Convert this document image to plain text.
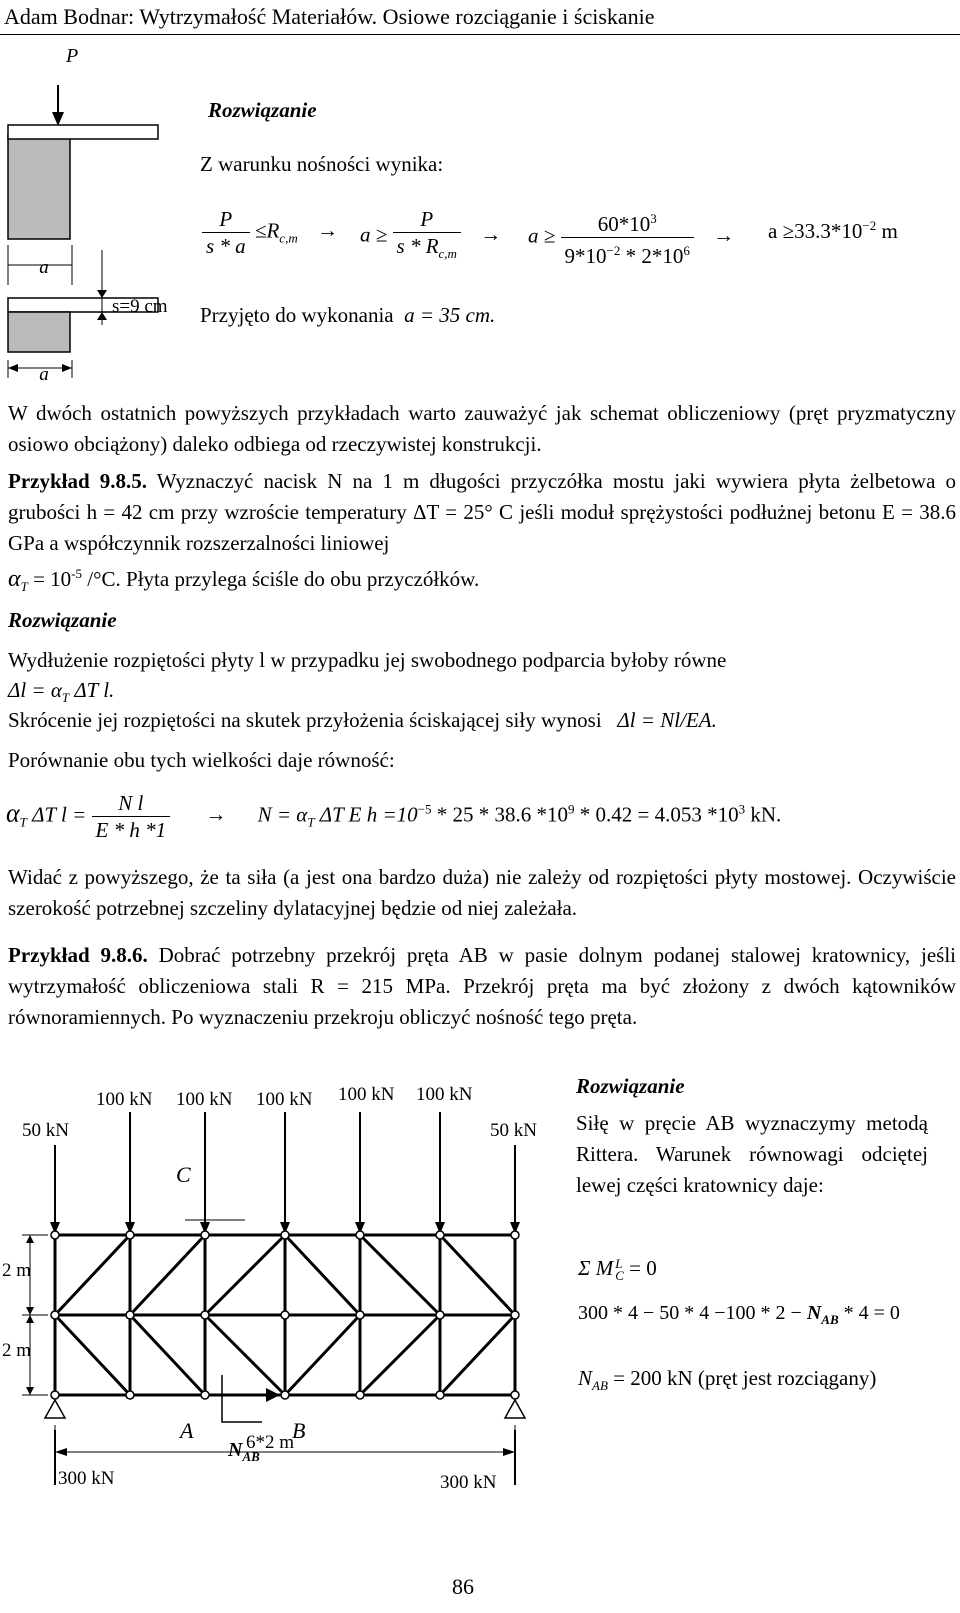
Adam Bodnar: Wytrzymałość Materiałów. Osiowe rozciąganie i ściskanie
P
a
s=9 cm
a
Rozwiązanie
Z warunku nośności wynika:
$\frac{P}{s * a} \le R_{c,m} \to a \ge \frac{P}{s * R_{c,m}} \to a \ge \frac{60*10^3}{9*10^{-2} * 2*10^6} \to a \ge 33.3*10^{-2}$ m
Przyjęto do wykonania a = 35 cm.
W dwóch ostatnich powyższych przykładach warto zauważyć jak schemat obliczeniowy (pręt pryzmatyczny osiowo obciążony) daleko odbiega od rzeczywistej konstrukcji.
Przykład 9.8.5. Wyznaczyć nacisk N na 1 m długości przyczółka mostu jaki wywiera płyta żelbetowa o grubości h = 42 cm przy wzroście temperatury ΔT = 25° C jeśli moduł sprężystości podłużnej betonu E = 38.6 GPa a współczynnik rozszerzalności liniowej
$\alpha_T = 10^{-5}$ /°C. Płyta przylega ściśle do obu przyczółków.
Rozwiązanie
Wydłużenie rozpiętości płyty l w przypadku jej swobodnego podparcia byłoby równe
$\Delta l = \alpha_T$ ΔT l.
Skrócenie jej rozpiętości na skutek przyłożenia ściskającej siły wynosi Δl = Nl/EA.
Porównanie obu tych wielkości daje równość:
$\alpha_T$ ΔT $l = \frac{\text{N l}}{E * h *1} \to N = \alpha_T$ ΔT E $h =10^{-5} * 25 * 38.6$ $*10^9 * 0.42 = 4.053$ $*10^3$ kN.
Widać z powyższego, że ta siła (a jest ona bardzo duża) nie zależy od rozpiętości płyty mostowej. Oczywiście szerokość potrzebnej szczeliny dylatacyjnej będzie od niej zależała.
Przykład 9.8.6. Dobrać potrzebny przekrój pręta AB w pasie dolnym podanej stalowej kratownicy, jeśli wytrzymałość obliczeniowa stali R = 215 MPa. Przekrój pręta ma być złożony z dwóch kątowników równoramiennych. Po wyznaczeniu przekroju obliczyć nośność tego pręta.
50 kN
100 kN 100 kN 100 kN 100 kN 100 kN
50 kN
C
A	B
$N_{AB}$
2 m
2 m
6*2 m
300 kN	300 kN
Rozwiązanie
Siłę w pręcie AB wyznaczymy metodą Rittera. Warunek równowagi odciętej lewej części kratownicy daje:
Σ M L
C = 0
$300 * 4 - 50 * 4 -100 * 2 - N_{AB} * 4 = 0$
$N_{AB} = 200$ kN (pręt jest rozciągany)
86
